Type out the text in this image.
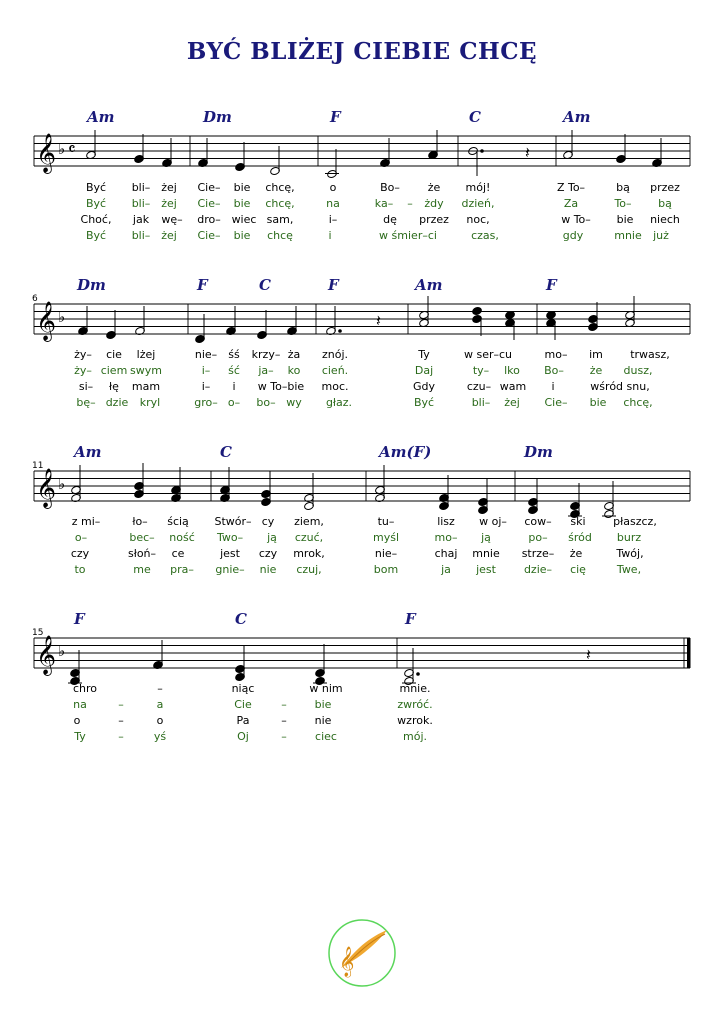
BYĆ BLIŻEJ CIEBIE CHCĘ
Am	Dm	F	C	Am
𝄞 ♭ 𝄴	𝄽
Być bli– żej Cie– bie chcę,	o	Bo–	że mój!	Z To–	bą przez
Być bli– żej Cie– bie chcę,	na	ka– – żdy dzień,	Za	To– bą
Choć, jak wę– dro– wiec sam,	i–	dę przez noc,	w To– bie niech
Być bli– żej Cie– bie chcę	i	w śmier–ci	czas,	gdy	mnie już
6
Dm	F	C	F	Am	F
𝄞 ♭	𝄽
ży– cie lżej	nie– śś krzy– ża znój.	Ty	w ser–cu	mo– im trwasz,
ży– ciem swym	i– ść ja– ko cień.	Daj	ty– lko Bo– że dusz,
si– łę mam	i– i w To–bie moc.	Gdy	czu– wam i	wśród snu,
bę– dzie kryl	gro– o– bo– wy głaz.	Być	bli– żej Cie– bie chcę,
11
Am	C	Am(F)	Dm
𝄞 ♭
z mi–	ło– ścią Stwór– cy ziem,	tu–	lisz w oj– cow– ski	płaszcz,
o–	bec– ność Two– ją czuć,	myśl	mo– ją	po– śród burz
czy	słoń– ce	jest czy mrok,	nie–	chaj mnie strze– że	Twój,
to	me pra– gnie– nie czuj,	bom	ja jest	dzie– cię	Twe,
15
F	C	F
𝄞 ♭	𝄽
chro	–	niąc	w nim	mnie.
na	–	a	Cie	–	bie	zwróć.
o	–	o	Pa	–	nie	wzrok.
Ty	–	yś	Oj	–	ciec	mój.
𝄞
